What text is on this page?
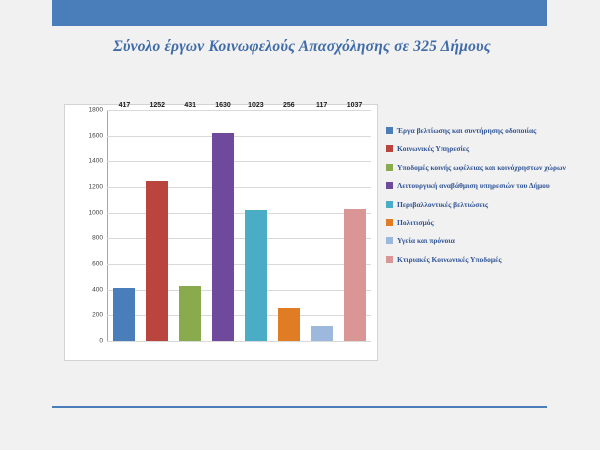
Σύνολο έργων Κοινωφελούς Απασχόλησης σε 325 Δήμους
0
200
400
600
800
1000
1200
1400
1600
1800
417	1252	431	1630 1023	256	117	1037
Έργα βελτίωσης και συντήρησης οδοποιίας
Κοινωνικές Υπηρεσίες
Υποδομές κοινής ωφέλειας και κοινόχρηστων χώρων
Λειτουργική αναβάθμιση υπηρεσιών του Δήμου
Περιβαλλοντικές βελτιώσεις
Πολιτισμός
Υγεία και πρόνοια
Κτιριακές Κοινωνικές Υποδομές
